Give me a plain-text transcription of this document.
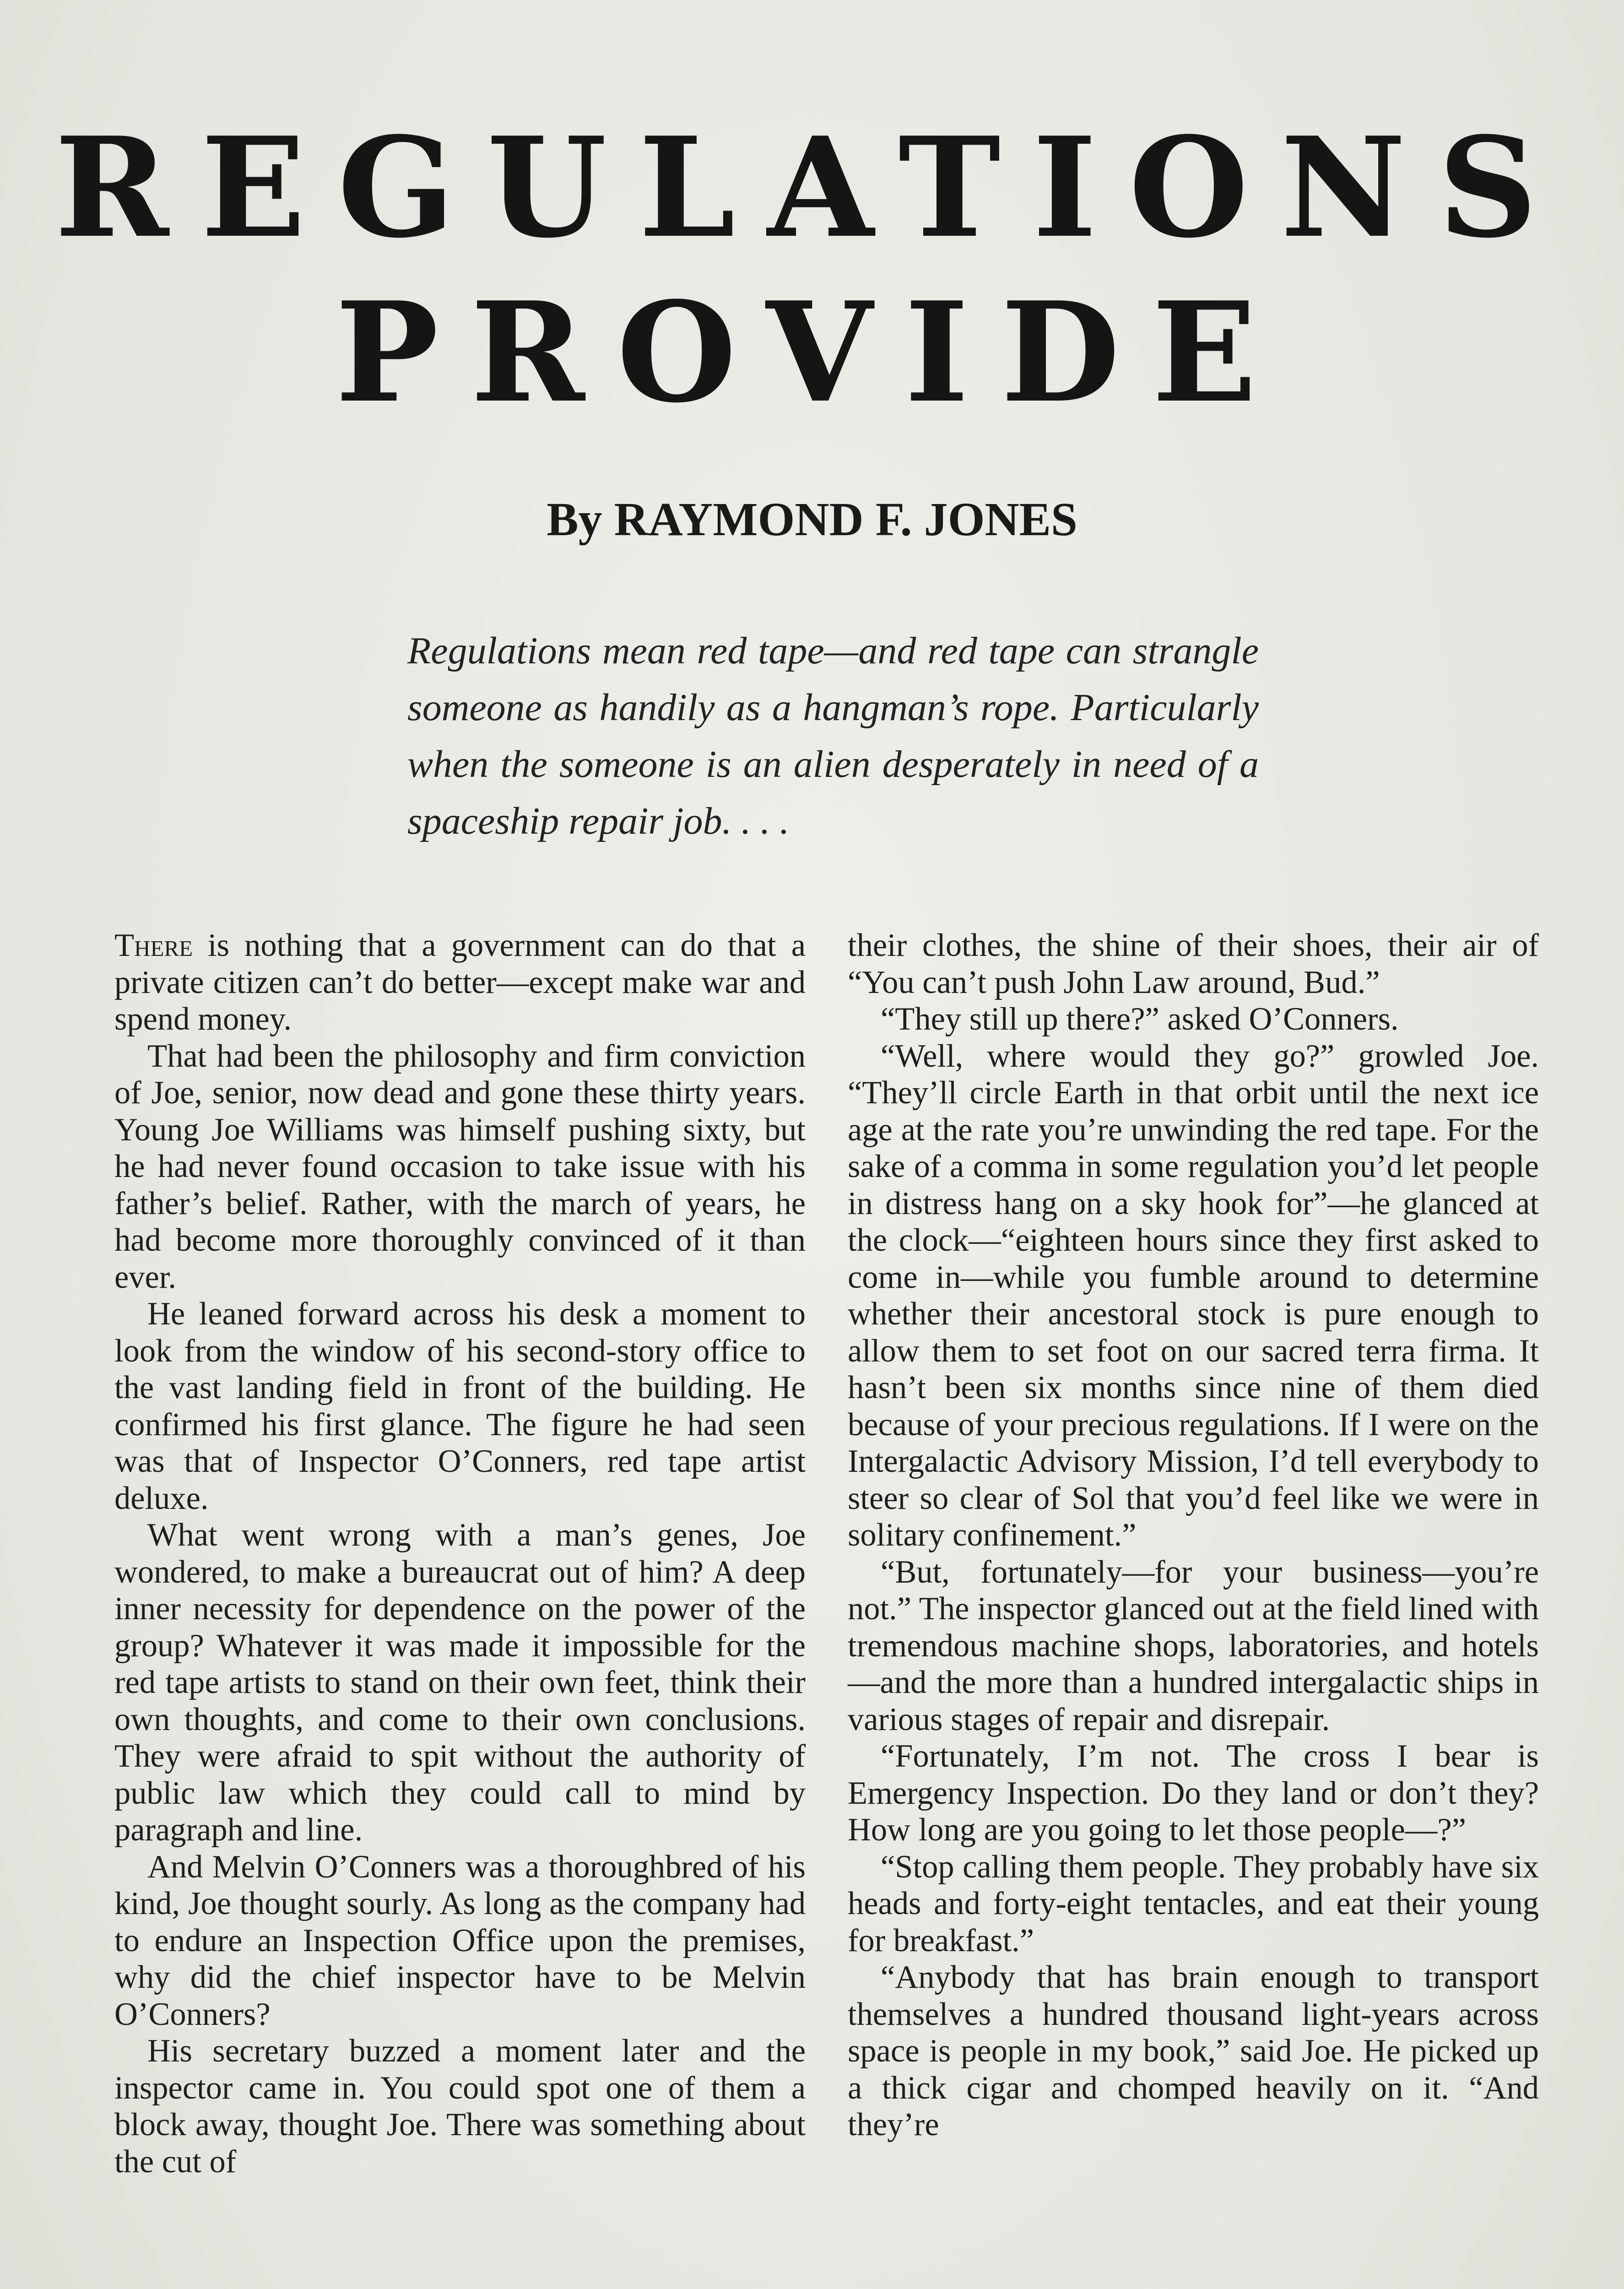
REGULATIONS
PROVIDE
By RAYMOND F. JONES
Regulations mean red tape—and red tape can strangle someone as handily as a hangman’s rope. Particularly when the someone is an alien desperately in need of a spaceship repair job. . . .

There is nothing that a government can do that a private citizen can’t do better—except make war and spend money.

That had been the philosophy and firm conviction of Joe, senior, now dead and gone these thirty years. Young Joe Williams was himself pushing sixty, but he had never found occasion to take issue with his father’s belief. Rather, with the march of years, he had become more thoroughly convinced of it than ever.

He leaned forward across his desk a moment to look from the window of his second-story office to the vast landing field in front of the building. He confirmed his first glance. The figure he had seen was that of Inspector O’Conners, red tape artist deluxe.

What went wrong with a man’s genes, Joe wondered, to make a bureaucrat out of him? A deep inner necessity for dependence on the power of the group? Whatever it was made it impossible for the red tape artists to stand on their own feet, think their own thoughts, and come to their own conclusions. They were afraid to spit without the authority of public law which they could call to mind by paragraph and line.

And Melvin O’Conners was a thoroughbred of his kind, Joe thought sourly. As long as the company had to endure an Inspection Office upon the premises, why did the chief inspector have to be Melvin O’Conners?

His secretary buzzed a moment later and the inspector came in. You could spot one of them a block away, thought Joe. There was something about the cut of

their clothes, the shine of their shoes, their air of “You can’t push John Law around, Bud.”

“They still up there?” asked O’Conners.

“Well, where would they go?” growled Joe. “They’ll circle Earth in that orbit until the next ice age at the rate you’re unwinding the red tape. For the sake of a comma in some regulation you’d let people in distress hang on a sky hook for”—he glanced at the clock—“eighteen hours since they first asked to come in—while you fumble around to determine whether their ancestoral stock is pure enough to allow them to set foot on our sacred terra firma. It hasn’t been six months since nine of them died because of your precious regulations. If I were on the Intergalactic Advisory Mission, I’d tell everybody to steer so clear of Sol that you’d feel like we were in solitary confinement.”

“But, fortunately—for your business—you’re not.” The inspector glanced out at the field lined with tremendous machine shops, laboratories, and hotels—and the more than a hundred intergalactic ships in various stages of repair and disrepair.

“Fortunately, I’m not. The cross I bear is Emergency Inspection. Do they land or don’t they? How long are you going to let those people—?”

“Stop calling them people. They probably have six heads and forty-eight tentacles, and eat their young for breakfast.”

“Anybody that has brain enough to transport themselves a hundred thousand light-years across space is people in my book,” said Joe. He picked up a thick cigar and chomped heavily on it. “And they’re
